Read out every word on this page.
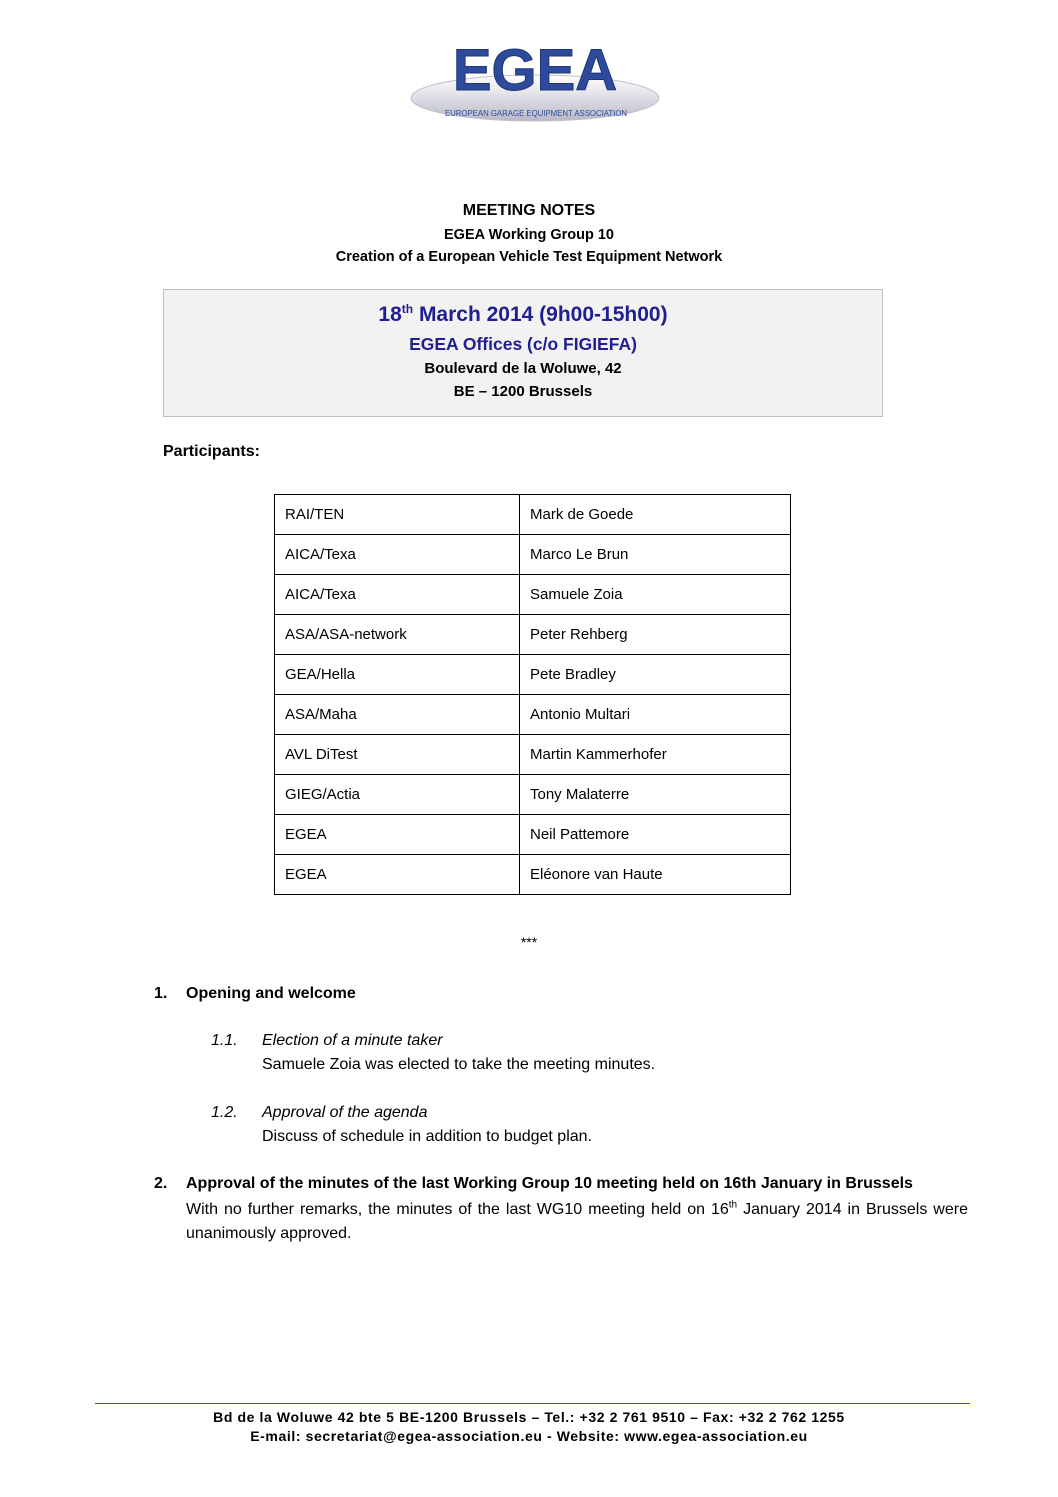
EGEA
EUROPEAN GARAGE EQUIPMENT ASSOCIATION
MEETING NOTES
EGEA Working Group 10
Creation of a European Vehicle Test Equipment Network
18th March 2014 (9h00-15h00)
EGEA Offices (c/o FIGIEFA)
Boulevard de la Woluwe, 42
BE – 1200 Brussels
Participants:
RAI/TEN	Mark de Goede
AICA/Texa	Marco Le Brun
AICA/Texa	Samuele Zoia
ASA/ASA-network	Peter Rehberg
GEA/Hella	Pete Bradley
ASA/Maha	Antonio Multari
AVL DiTest	Martin Kammerhofer
GIEG/Actia	Tony Malaterre
EGEA	Neil Pattemore
EGEA	Eléonore van Haute
***
1. Opening and welcome
1.1. Election of a minute taker
Samuele Zoia was elected to take the meeting minutes.
1.2. Approval of the agenda
Discuss of schedule in addition to budget plan.
2. Approval of the minutes of the last Working Group 10 meeting held on 16th January in Brussels
With no further remarks, the minutes of the last WG10 meeting held on 16th January 2014 in Brussels were unanimously approved.
Bd de la Woluwe 42 bte 5 BE-1200 Brussels – Tel.: +32 2 761 9510 – Fax: +32 2 762 1255
E-mail: secretariat@egea-association.eu - Website: www.egea-association.eu
